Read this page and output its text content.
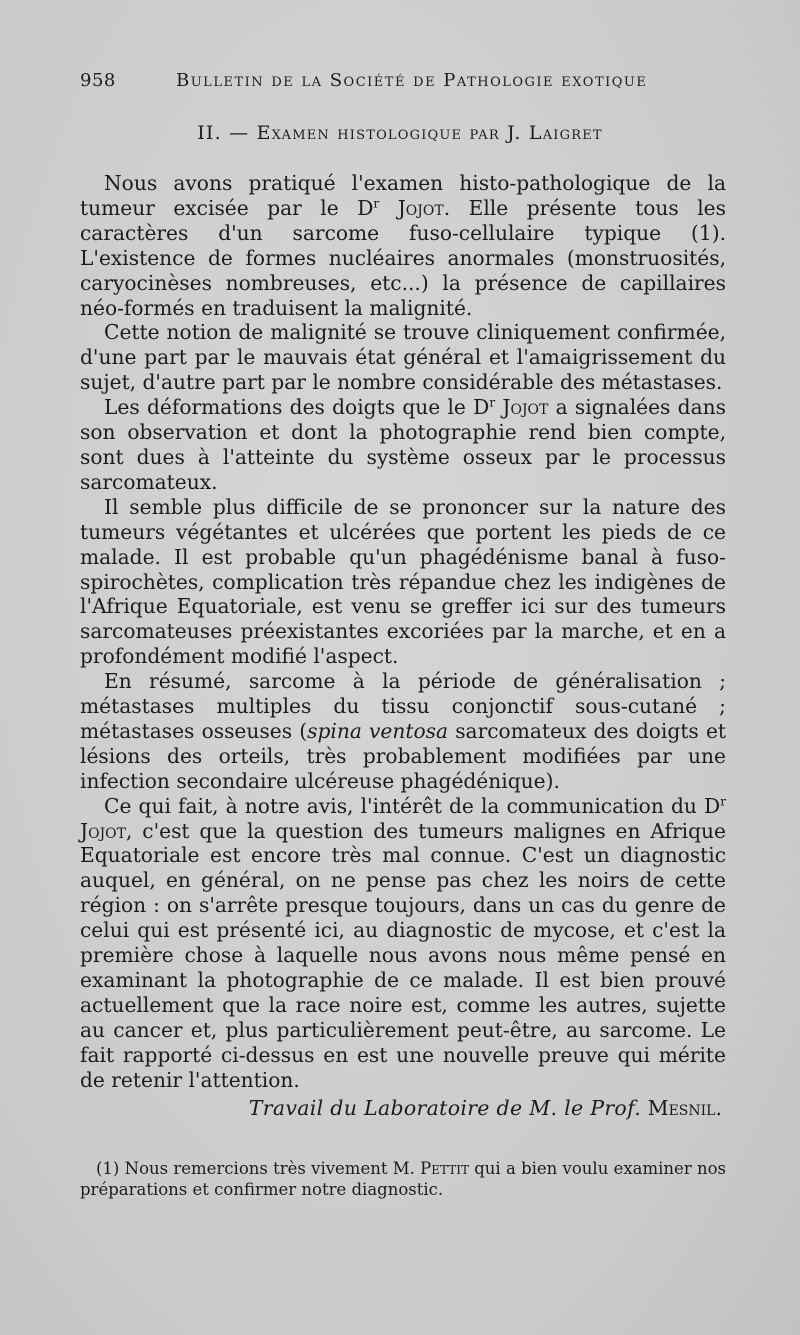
958	Bulletin de la Société de Pathologie exotique
II. — Examen histologique par J. Laigret

Nous avons pratiqué l'examen histo-pathologique de la tumeur excisée par le $D^r$ Jojot. Elle présente tous les caractères d'un sarcome fuso-cellulaire typique (1). L'existence de formes nucléaires anormales (monstruosités, caryocinèses nombreuses, etc...) la présence de capillaires néo-formés en traduisent la malignité.

Cette notion de malignité se trouve cliniquement confirmée, d'une part par le mauvais état général et l'amaigrissement du sujet, d'autre part par le nombre considérable des métastases.

Les déformations des doigts que le $D^r$ Jojot a signalées dans son observation et dont la photographie rend bien compte, sont dues à l'atteinte du système osseux par le processus sarcomateux.

Il semble plus difficile de se prononcer sur la nature des tumeurs végétantes et ulcérées que portent les pieds de ce malade. Il est probable qu'un phagédénisme banal à fuso-spirochètes, complication très répandue chez les indigènes de l'Afrique Equatoriale, est venu se greffer ici sur des tumeurs sarcomateuses préexistantes excoriées par la marche, et en a profondément modifié l'aspect.

En résumé, sarcome à la période de généralisation ; métastases multiples du tissu conjonctif sous-cutané ; métastases osseuses (spina ventosa sarcomateux des doigts et lésions des orteils, très probablement modifiées par une infection secondaire ulcéreuse phagédénique).

Ce qui fait, à notre avis, l'intérêt de la communication du $D^r$ Jojot, c'est que la question des tumeurs malignes en Afrique Equatoriale est encore très mal connue. C'est un diagnostic auquel, en général, on ne pense pas chez les noirs de cette région : on s'arrête presque toujours, dans un cas du genre de celui qui est présenté ici, au diagnostic de mycose, et c'est la première chose à laquelle nous avons nous même pensé en examinant la photographie de ce malade. Il est bien prouvé actuellement que la race noire est, comme les autres, sujette au cancer et, plus particulièrement peut-être, au sarcome. Le fait rapporté ci-dessus en est une nouvelle preuve qui mérite de retenir l'attention.

Travail du Laboratoire de M. le Prof. Mesnil.

(1) Nous remercions très vivement M. Pettit qui a bien voulu examiner nos préparations et confirmer notre diagnostic.
